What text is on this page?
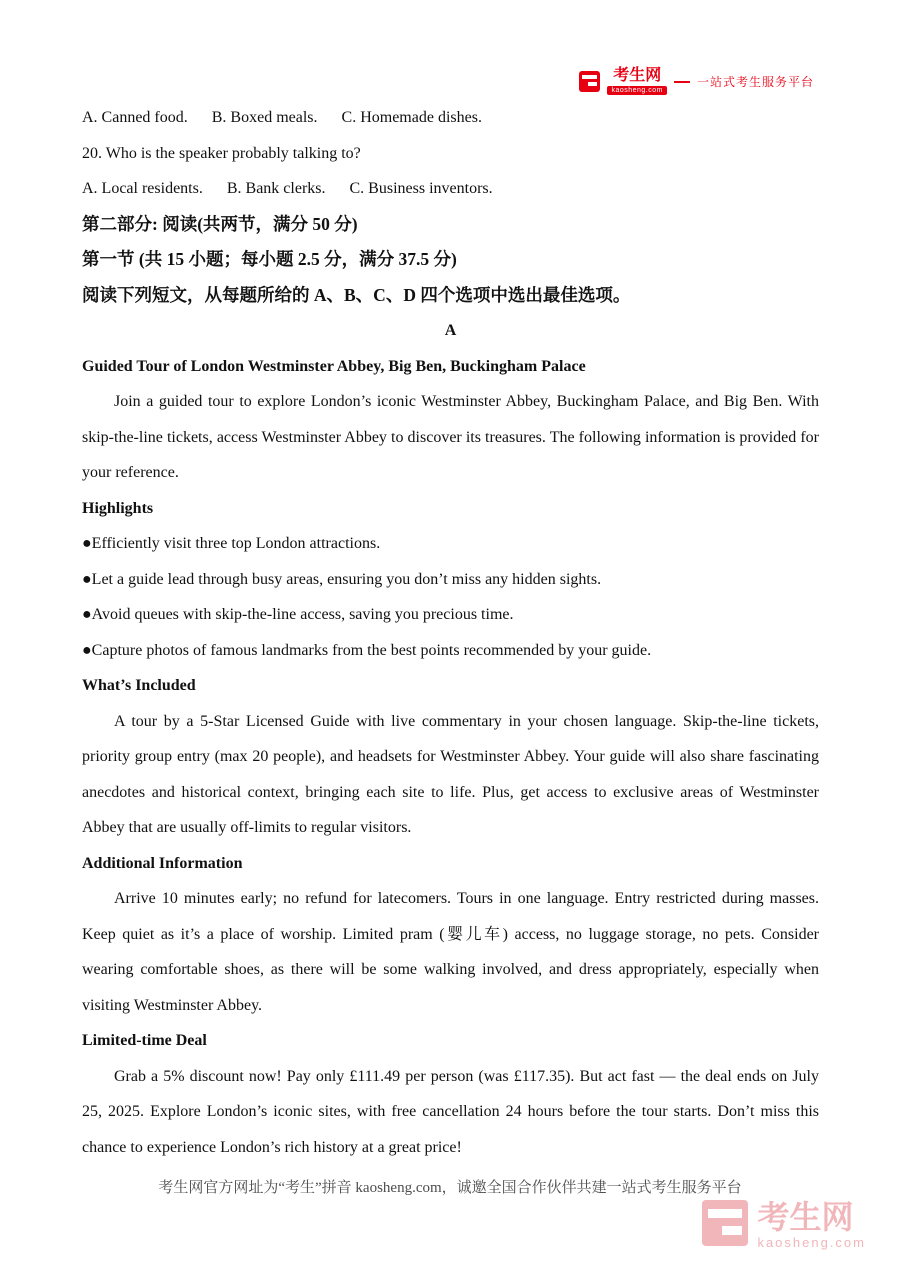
考生网
kaosheng.com
一站式考生服务平台
A. Canned food.      B. Boxed meals.      C. Homemade dishes.
20. Who is the speaker probably talking to?
A. Local residents.      B. Bank clerks.      C. Business inventors.
第二部分: 阅读(共两节，满分 50 分)
第一节 (共 15 小题；每小题 2.5 分，满分 37.5 分)
阅读下列短文，从每题所给的 A、B、C、D 四个选项中选出最佳选项。
A
Guided Tour of London Westminster Abbey, Big Ben, Buckingham Palace
Join a guided tour to explore London’s iconic Westminster Abbey, Buckingham Palace, and Big Ben. With skip-the-line tickets, access Westminster Abbey to discover its treasures. The following information is provided for your reference.
Highlights
●Efficiently visit three top London attractions.
●Let a guide lead through busy areas, ensuring you don’t miss any hidden sights.
●Avoid queues with skip-the-line access, saving you precious time.
●Capture photos of famous landmarks from the best points recommended by your guide.
What’s Included
A tour by a 5-Star Licensed Guide with live commentary in your chosen language. Skip-the-line tickets, priority group entry (max 20 people), and headsets for Westminster Abbey. Your guide will also share fascinating anecdotes and historical context, bringing each site to life. Plus, get access to exclusive areas of Westminster Abbey that are usually off-limits to regular visitors.
Additional Information
Arrive 10 minutes early; no refund for latecomers. Tours in one language. Entry restricted during masses. Keep quiet as it’s a place of worship. Limited pram (婴儿车) access, no luggage storage, no pets. Consider wearing comfortable shoes, as there will be some walking involved, and dress appropriately, especially when visiting Westminster Abbey.
Limited-time Deal
Grab a 5% discount now! Pay only £111.49 per person (was £117.35). But act fast — the deal ends on July 25, 2025. Explore London’s iconic sites, with free cancellation 24 hours before the tour starts. Don’t miss this chance to experience London’s rich history at a great price!
考生网官方网址为“考生”拼音 kaosheng.com，诚邀全国合作伙伴共建一站式考生服务平台
考生网
kaosheng.com
